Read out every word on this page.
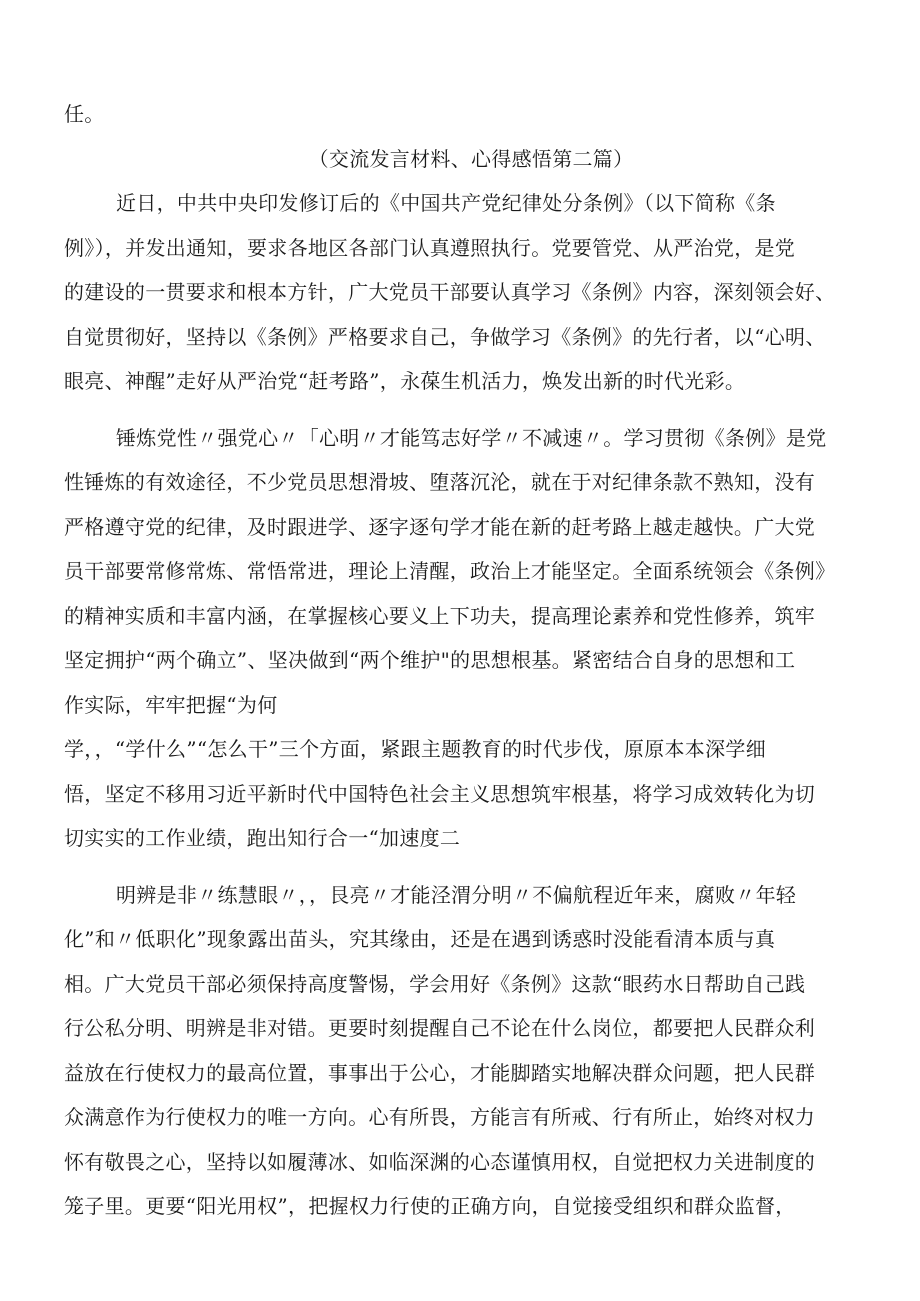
任。
（交流发言材料、心得感悟第二篇）
近日，中共中央印发修订后的《中国共产党纪律处分条例》（以下简称《条
例》），并发出通知，要求各地区各部门认真遵照执行。党要管党、从严治党，是党
的建设的一贯要求和根本方针，广大党员干部要认真学习《条例》内容，深刻领会好、
自觉贯彻好，坚持以《条例》严格要求自己，争做学习《条例》的先行者，以“心明、
眼亮、神醒”走好从严治党“赶考路”，永葆生机活力，焕发出新的时代光彩。
锤炼党性〃强党心〃「心明〃才能笃志好学〃不减速〃。学习贯彻《条例》是党
性锤炼的有效途径，不少党员思想滑坡、堕落沉沦，就在于对纪律条款不熟知，没有
严格遵守党的纪律，及时跟进学、逐字逐句学才能在新的赶考路上越走越快。广大党
员干部要常修常炼、常悟常进，理论上清醒，政治上才能坚定。全面系统领会《条例》
的精神实质和丰富内涵，在掌握核心要义上下功夫，提高理论素养和党性修养，筑牢
坚定拥护“两个确立”、坚决做到“两个维护"的思想根基。紧密结合自身的思想和工
作实际，牢牢把握“为何
学，，“学什么”“怎么干”三个方面，紧跟主题教育的时代步伐，原原本本深学细
悟，坚定不移用习近平新时代中国特色社会主义思想筑牢根基，将学习成效转化为切
切实实的工作业绩，跑出知行合一“加速度二
明辨是非〃练慧眼〃，，艮亮〃才能泾渭分明〃不偏航程近年来，腐败〃年轻
化”和〃低职化”现象露出苗头，究其缘由，还是在遇到诱惑时没能看清本质与真
相。广大党员干部必须保持高度警惕，学会用好《条例》这款“眼药水日帮助自己践
行公私分明、明辨是非对错。更要时刻提醒自己不论在什么岗位，都要把人民群众利
益放在行使权力的最高位置，事事出于公心，才能脚踏实地解决群众问题，把人民群
众满意作为行使权力的唯一方向。心有所畏，方能言有所戒、行有所止，始终对权力
怀有敬畏之心，坚持以如履薄冰、如临深渊的心态谨慎用权，自觉把权力关进制度的
笼子里。更要“阳光用权”，把握权力行使的正确方向，自觉接受组织和群众监督，
